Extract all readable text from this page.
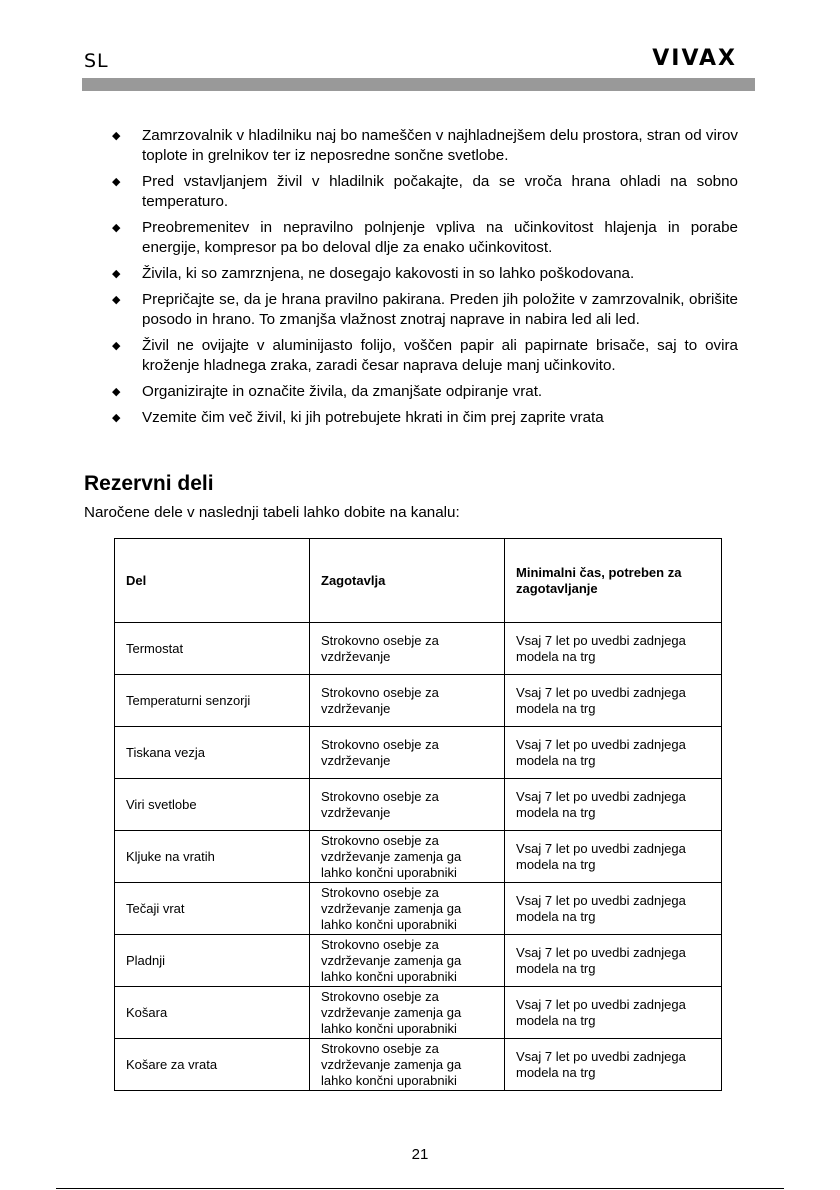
SL	VIVAX
◆ Zamrzovalnik v hladilniku naj bo nameščen v najhladnejšem delu prostora, stran od virov toplote in grelnikov ter iz neposredne sončne svetlobe.
◆ Pred vstavljanjem živil v hladilnik počakajte, da se vroča hrana ohladi na sobno temperaturo.
◆ Preobremenitev in nepravilno polnjenje vpliva na učinkovitost hlajenja in porabe energije, kompresor pa bo deloval dlje za enako učinkovitost.
◆ Živila, ki so zamrznjena, ne dosegajo kakovosti in so lahko poškodovana.
◆ Prepričajte se, da je hrana pravilno pakirana. Preden jih položite v zamrzovalnik, obrišite posodo in hrano. To zmanjša vlažnost znotraj naprave in nabira led ali led.
◆ Živil ne ovijajte v aluminijasto folijo, voščen papir ali papirnate brisače, saj to ovira kroženje hladnega zraka, zaradi česar naprava deluje manj učinkovito.
◆ Organizirajte in označite živila, da zmanjšate odpiranje vrat.
◆ Vzemite čim več živil, ki jih potrebujete hkrati in čim prej zaprite vrata
Rezervni deli
Naročene dele v naslednji tabeli lahko dobite na kanalu:
Del	Zagotavlja	Minimalni čas, potreben za zagotavljanje
Termostat	Strokovno osebje za vzdrževanje	Vsaj 7 let po uvedbi zadnjega modela na trg
Temperaturni senzorji	Strokovno osebje za vzdrževanje	Vsaj 7 let po uvedbi zadnjega modela na trg
Tiskana vezja	Strokovno osebje za vzdrževanje	Vsaj 7 let po uvedbi zadnjega modela na trg
Viri svetlobe	Strokovno osebje za vzdrževanje	Vsaj 7 let po uvedbi zadnjega modela na trg
Kljuke na vratih	Strokovno osebje za vzdrževanje zamenja ga lahko končni uporabniki	Vsaj 7 let po uvedbi zadnjega modela na trg
Tečaji vrat	Strokovno osebje za vzdrževanje zamenja ga lahko končni uporabniki	Vsaj 7 let po uvedbi zadnjega modela na trg
Pladnji	Strokovno osebje za vzdrževanje zamenja ga lahko končni uporabniki	Vsaj 7 let po uvedbi zadnjega modela na trg
Košara	Strokovno osebje za vzdrževanje zamenja ga lahko končni uporabniki	Vsaj 7 let po uvedbi zadnjega modela na trg
Košare za vrata	Strokovno osebje za vzdrževanje zamenja ga lahko končni uporabniki	Vsaj 7 let po uvedbi zadnjega modela na trg
21
